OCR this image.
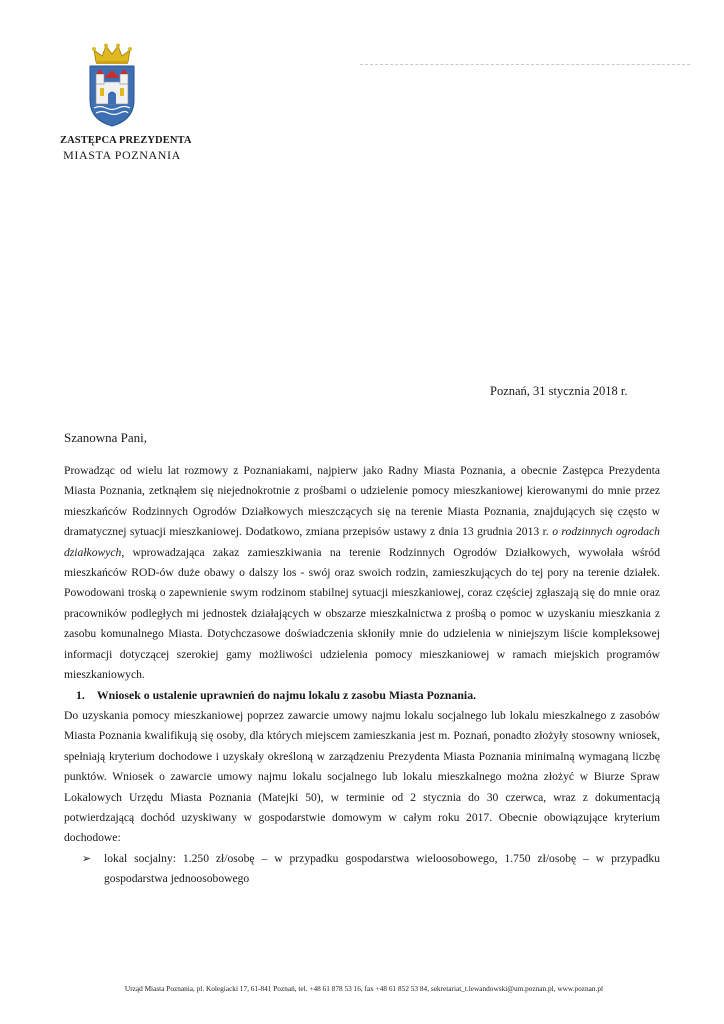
ZASTĘPCA PREZYDENTA
MIASTA POZNANIA
Poznań, 31 stycznia 2018 r.
Szanowna Pani,

Prowadząc od wielu lat rozmowy z Poznaniakami, najpierw jako Radny Miasta Poznania, a obecnie Zastępca Prezydenta Miasta Poznania, zetknąłem się niejednokrotnie z prośbami o udzielenie pomocy mieszkaniowej kierowanymi do mnie przez mieszkańców Rodzinnych Ogrodów Działkowych mieszczących się na terenie Miasta Poznania, znajdujących się często w dramatycznej sytuacji mieszkaniowej. Dodatkowo, zmiana przepisów ustawy z dnia 13 grudnia 2013 r. o rodzinnych ogrodach działkowych, wprowadzająca zakaz zamieszkiwania na terenie Rodzinnych Ogrodów Działkowych, wywołała wśród mieszkańców ROD-ów duże obawy o dalszy los - swój oraz swoich rodzin, zamieszkujących do tej pory na terenie działek. Powodowani troską o zapewnienie swym rodzinom stabilnej sytuacji mieszkaniowej, coraz częściej zgłaszają się do mnie oraz pracowników podległych mi jednostek działających w obszarze mieszkalnictwa z prośbą o pomoc w uzyskaniu mieszkania z zasobu komunalnego Miasta. Dotychczasowe doświadczenia skłoniły mnie do udzielenia w niniejszym liście kompleksowej informacji dotyczącej szerokiej gamy możliwości udzielenia pomocy mieszkaniowej w ramach miejskich programów mieszkaniowych.

1. Wniosek o ustalenie uprawnień do najmu lokalu z zasobu Miasta Poznania.

Do uzyskania pomocy mieszkaniowej poprzez zawarcie umowy najmu lokalu socjalnego lub lokalu mieszkalnego z zasobów Miasta Poznania kwalifikują się osoby, dla których miejscem zamieszkania jest m. Poznań, ponadto złożyły stosowny wniosek, spełniają kryterium dochodowe i uzyskały określoną w zarządzeniu Prezydenta Miasta Poznania minimalną wymaganą liczbę punktów. Wniosek o zawarcie umowy najmu lokalu socjalnego lub lokalu mieszkalnego można złożyć w Biurze Spraw Lokalowych Urzędu Miasta Poznania (Matejki 50), w terminie od 2 stycznia do 30 czerwca, wraz z dokumentacją potwierdzającą dochód uzyskiwany w gospodarstwie domowym w całym roku 2017. Obecnie obowiązujące kryterium dochodowe:

➢	lokal socjalny: 1.250 zł/osobę – w przypadku gospodarstwa wieloosobowego, 1.750 zł/osobę – w przypadku gospodarstwa jednoosobowego
Urząd Miasta Poznania, pl. Kolegiacki 17, 61-841 Poznań, tel. +48 61 878 53 16, fax +48 61 852 53 84, sekretariat_t.lewandowski@um.poznan.pl, www.poznan.pl
